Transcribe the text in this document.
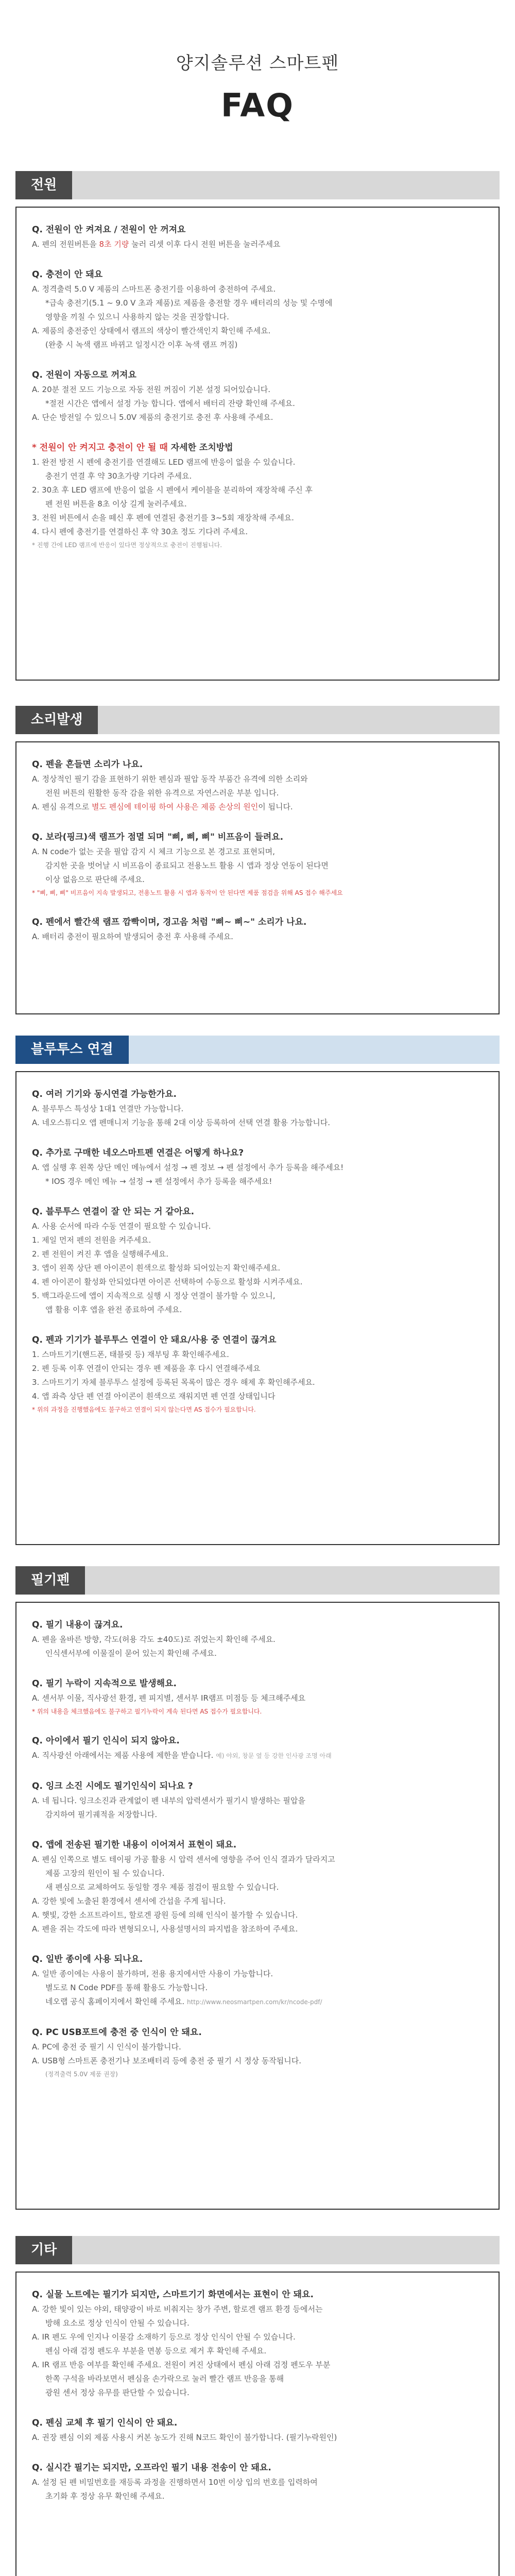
양지솔루션 스마트펜
FAQ
전원
Q. 전원이 안 켜져요 / 전원이 안 꺼져요
A. 펜의 전원버튼을 8초 기량 눌러 리셋 이후 다시 전원 버튼을 눌러주세요
Q. 충전이 안 돼요
A. 정격출력 5.0 V 제품의 스마트폰 충전기를 이용하여 충전하여 주세요.
*급속 충전기(5.1 ~ 9.0 V 초과 제품)로 제품을 충전할 경우 배터리의 성능 및 수명에
영향을 끼칠 수 있으니 사용하지 않는 것을 권장합니다.
A. 제품의 충전중인 상태에서 램프의 색상이 빨간색인지 확인해 주세요.
(완충 시 녹색 램프 바뀌고 일정시간 이후 녹색 램프 꺼짐)
Q. 전원이 자동으로 꺼져요
A. 20분 절전 모드 기능으로 자동 전원 꺼짐이 기본 설정 되어있습니다.
*절전 시간은 앱에서 설정 가능 합니다. 앱에서 배터리 잔량 확인해 주세요.
A. 단순 방전일 수 있으니 5.0V 제품의 충전기로 충전 후 사용해 주세요.
* 전원이 안 켜지고 충전이 안 될 때 자세한 조치방법
1. 완전 방전 시 펜에 충전기를 연결해도 LED 램프에 반응이 없을 수 있습니다.
충전기 연결 후 약 30초가량 기다려 주세요.
2. 30초 후 LED 램프에 반응이 없을 시 펜에서 케이블을 분리하여 재장착해 주신 후
펜 전원 버튼을 8초 이상 길게 눌러주세요.
3. 전원 버튼에서 손을 떼신 후 펜에 연결된 충전기를 3~5회 재장착해 주세요.
4. 다시 펜에 충전기를 연결하신 후 약 30초 정도 기다려 주세요.
* 진행 간에 LED 램프에 반응이 있다면 정상적으로 충전이 진행됩니다.
소리발생
Q. 펜을 흔들면 소리가 나요.
A. 정상적인 필기 감을 표현하기 위한 펜심과 필압 동작 부품간 유격에 의한 소리와
전원 버튼의 원활한 동작 감을 위한 유격으로 자연스러운 부분 입니다.
A. 펜심 유격으로 별도 펜심에 테이핑 하여 사용은 제품 손상의 원인이 됩니다.
Q. 보라(핑크)색 램프가 점멸 되며 "삐, 삐, 삐" 비프음이 들려요.
A. N code가 없는 곳을 필압 감지 시 체크 기능으로 본 경고로 표현되며,
감지한 곳을 벗어날 시 비프음이 종료되고 전용노트 활용 시 앱과 정상 연동이 된다면
이상 없음으로 판단해 주세요.
* "삐, 삐, 삐" 비프음이 지속 발생되고, 전용노트 활용 시 앱과 동작이 안 된다면 제품 점검을 위해 AS 접수 해주세요
Q. 펜에서 빨간색 램프 깜빡이며, 경고음 처럼 "삐~ 삐~" 소리가 나요.
A. 배터리 충전이 필요하여 발생되어 충전 후 사용해 주세요.
블루투스 연결
Q. 여러 기기와 동시연결 가능한가요.
A. 블루투스 특성상 1대1 연결만 가능합니다.
A. 네오스튜디오 앱 펜매니저 기능을 통해 2대 이상 등록하여 선택 연결 활용 가능합니다.
Q. 추가로 구매한 네오스마트펜 연결은 어떻게 하나요?
A. 앱 실행 후 왼쪽 상단 메인 메뉴에서 설정 → 펜 정보 → 펜 설정에서 추가 등록을 해주세요!
* IOS 경우 메인 메뉴 → 설정 → 펜 설정에서 추가 등록을 해주세요!
Q. 블루투스 연결이 잘 안 되는 거 같아요.
A. 사용 순서에 따라 수동 연결이 필요할 수 있습니다.
1. 제일 먼저 펜의 전원을 켜주세요.
2. 펜 전원이 켜진 후 앱을 실행해주세요.
3. 앱이 왼쪽 상단 펜 아이콘이 흰색으로 활성화 되어있는지 확인해주세요.
4. 펜 아이콘이 활성화 안되었다면 아이콘 선택하여 수동으로 활성화 시켜주세요.
5. 백그라운드에 앱이 지속적으로 실행 시 정상 연결이 불가할 수 있으니,
앱 활용 이후 앱을 완전 종료하여 주세요.
Q. 펜과 기기가 블루투스 연결이 안 돼요/사용 중 연결이 끊겨요
1. 스마트기기(핸드폰, 태블릿 등) 재부팅 후 확인해주세요.
2. 펜 등록 이후 연결이 안되는 경우 펜 제품을 후 다시 연결해주세요
3. 스마트기기 자체 블루투스 설정에 등록된 목록이 많은 경우 해제 후 확인해주세요.
4. 앱 좌측 상단 펜 연결 아이콘이 흰색으로 재워지면 펜 연결 상태입니다
* 위의 과정을 진행했음에도 불구하고 연결이 되지 않는다면 AS 접수가 필요합니다.
필기펜
Q. 필기 내용이 끊겨요.
A. 펜을 올바른 방향, 각도(허용 각도 ±40도)로 쥐었는지 확인해 주세요.
인식센서부에 이물질이 묻어 있는지 확인해 주세요.
Q. 필기 누락이 지속적으로 발생해요.
A. 센서부 이물, 직사광선 환경, 펜 피지별, 센서부 IR램프 미점등 등 체크해주세요
* 위의 내용을 체크했음에도 불구하고 필기누락이 계속 된다면 AS 접수가 필요합니다.
Q. 아이에서 필기 인식이 되지 않아요.
A. 직사광선 아래에서는 제품 사용에 제한을 받습니다. 예) 야외, 창문 옆 등 강한 인사광 조명 아래
Q. 잉크 소진 시에도 필기인식이 되나요 ?
A. 네 됩니다. 잉크소진과 관계없이 펜 내부의 압력센서가 필기시 발생하는 필압을
감지하여 필기궤적을 저장합니다.
Q. 앱에 전송된 필기한 내용이 이어져서 표현이 돼요.
A. 펜심 인쪽으로 별도 테이핑 가공 활용 시 압력 센서에 영향을 주어 인식 결과가 달라지고
제품 고장의 원인이 될 수 있습니다.
새 펜심으로 교체하여도 동일할 경우 제품 점검이 필요할 수 있습니다.
A. 강한 빛에 노출된 환경에서 센서에 간섭을 주게 됩니다.
A. 햇빛, 강한 소프트라이트, 할로겐 광원 등에 의해 인식이 불가할 수 있습니다.
A. 펜을 쥐는 각도에 따라 변형되오니, 사용설명서의 파지법을 참조하여 주세요.
Q. 일반 종이에 사용 되나요.
A. 일반 종이에는 사용이 불가하며, 전용 용지에서만 사용이 가능합니다.
별도로 N Code PDF를 통해 활용도 가능합니다.
네오랩 공식 홈페이지에서 확인해 주세요. http://www.neosmartpen.com/kr/ncode-pdf/
Q. PC USB포트에 충전 중 인식이 안 돼요.
A. PC에 충전 중 필기 시 인식이 불가합니다.
A. USB형 스마트폰 충전기나 보조배터리 등에 충전 중 필기 시 정상 동작됩니다.
(정격출력 5.0V 제품 권장)
기타
Q. 실물 노트에는 필기가 되지만, 스마트기기 화면에서는 표현이 안 돼요.
A. 강한 빛이 있는 야외, 태양광이 바로 비춰지는 창가 주변, 할로겐 램프 환경 등에서는
방해 요소로 정상 인식이 안될 수 있습니다.
A. IR 펜도 우에 인지나 이물감 소재하기 등으로 정상 인식이 안될 수 있습니다.
펜심 아래 검정 펜도우 부분을 면봉 등으로 제거 후 확인해 주세요.
A. IR 램프 반응 여부를 확인해 주세요. 전원이 켜진 상태에서 펜심 아래 검정 펜도우 부분
한쪽 구석을 바라보면서 펜심을 손가락으로 눌러 빨간 램프 반응을 통해
광원 센서 정상 유무를 판단할 수 있습니다.
Q. 펜심 교체 후 필기 인식이 안 돼요.
A. 권장 펜심 이외 제품 사용시 커본 농도가 진해 N코드 확인이 불가합니다. (필기누락원인)
Q. 실시간 필기는 되지만, 오프라인 필기 내용 전송이 안 돼요.
A. 설정 된 펜 비밀번호를 재등록 과정을 진행하면서 10번 이상 입의 번호를 입력하여
초기화 후 정상 유무 확인해 주세요.
